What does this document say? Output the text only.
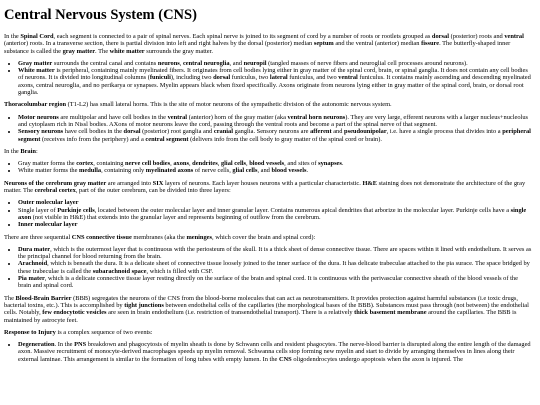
Central Nervous System (CNS)

In the Spinal Cord, each segment is connected to a pair of spinal nerves. Each spinal nerve is joined to its segment of cord by a number of roots or rootlets grouped as dorsal (posterior) roots and ventral (anterior) roots. In a transverse section, there is partial division into left and right halves by the dorsal (posterior) median septum and the ventral (anterior) median fissure. The butterfly-shaped inner substance is called the gray matter. The white matter surrounds the gray matter.

• Gray matter surrounds the central canal and contains neurons, central neuroglia, and neuropil (tangled masses of nerve fibers and neuroglial cell processes around neurons).
• White matter is peripheral, containing mainly myelinated fibers. It originates from cell bodies lying either in gray matter of the spinal cord, brain, or spinal ganglia. It does not contain any cell bodies of neurons. It is divided into longitudinal columns (funiculi), including two dorsal funiculus, two lateral funiculus, and two ventral funiculus. It contains mainly ascending and descending myelinated axons, central neuroglia, and no perikarya or synapses. Myelin appears black when fixed specifically. Axons originate from neurons lying either in gray matter of the spinal cord, brain, or dorsal root ganglia.

Thoracolumbar region (T1-L2) has small lateral horns. This is the site of motor neurons of the sympathetic division of the autonomic nervous system.

• Motor neurons are multipolar and have cell bodies in the ventral (anterior) horn of the gray matter (aka ventral horn neurons). They are very large, efferent neurons with a larger nucleus+nucleolus and cytoplasm rich in Nissl bodies. AXons of motor neurons leave the cord, passing through the ventral roots and become a part of the spinal nerve of that segment.
• Sensory neurons have cell bodies in the dorsal (posterior) root ganglia and cranial ganglia. Sensory neurons are afferent and pseudounipolar, i.e. have a single process that divides into a peripheral segment (receives info from the periphery) and a central segment (delivers info from the cell body to gray matter of the spinal cord or brain).

In the Brain:

• Gray matter forms the cortex, containing nerve cell bodies, axons, dendrites, glial cells, blood vessels, and sites of synapses.
• White matter forms the medulla, containing only myelinated axons of nerve cells, glial cells, and blood vessels.

Neurons of the cerebrum gray matter are arranged into SIX layers of neurons. Each layer houses neurons with a particular characteristic. H&E staining does not demonstrate the architecture of the gray matter. The cerebral cortex, part of the outer cerebrum, can be divided into three layers:

• Outer molecular layer
• Single layer of Purkinje cells, located between the outer molecular layer and inner granular layer. Contains numerous apical dendrites that arborize in the molecular layer. Purkinje cells have a single axon (not visible in H&E) that extends into the granular layer and represents beginning of outflow from the cerebrum.
• Inner molecular layer

There are three sequential CNS connective tissue membranes (aka the meninges, which cover the brain and spinal cord):

• Dura mater, which is the outermost layer that is continuous with the periosteum of the skull. It is a thick sheet of dense connective tissue. There are spaces within it lined with endothelium. It serves as the principal channel for blood returning from the brain.
• Arachnoid, which is beneath the dura. It is a delicate sheet of connective tissue loosely joined to the inner surface of the dura. It has delicate trabeculae attached to the pia surace. The space bridged by these trabeculae is called the subarachnoid space, which is filled with CSF.
• Pia mater, which is a delicate connective tissue layer resting directly on the surface of the brain and spinal cord. It is continuous with the perivascular connective sheath of the blood vessels of the brain and spinal cord.

The Blood-Brain Barrier (BBB) segregates the neurons of the CNS from the blood-borne molecules that can act as neurotransmitters. It provides protection against harmful substances (i.e toxic drugs, bacterial toxins, etc.). This is accomplished by tight junctions between endothelial cells of the capillaries (the morphological bases of the BBB). Substances must pass through (not between) the endothelial cells. Notably, few endocytotic vesicles are seen in brain endothelium (i.e. restriction of transendothelial transport). There is a relatively thick basement membrane around the capillaries. The BBB is maintained by astrocyte feet.

Response to Injury is a complex sequence of two events:

• Degeneration. In the PNS breakdown and phagocytosis of myelin sheath is done by Schwann cells and resident phagocytes. The nerve-blood barrier is disrupted along the entire length of the damaged axon. Massive recruitment of monocyte-derived macrophages speeds up myelin removal. Schwanna cells stop forming new myelin and start to divide by arranging themselves in lines along their external laminae. This arrangement is similar to the formation of long tubes with empty lumen. In the CNS oligodendrocytes undergo apoptosis when the axon is injured. The
